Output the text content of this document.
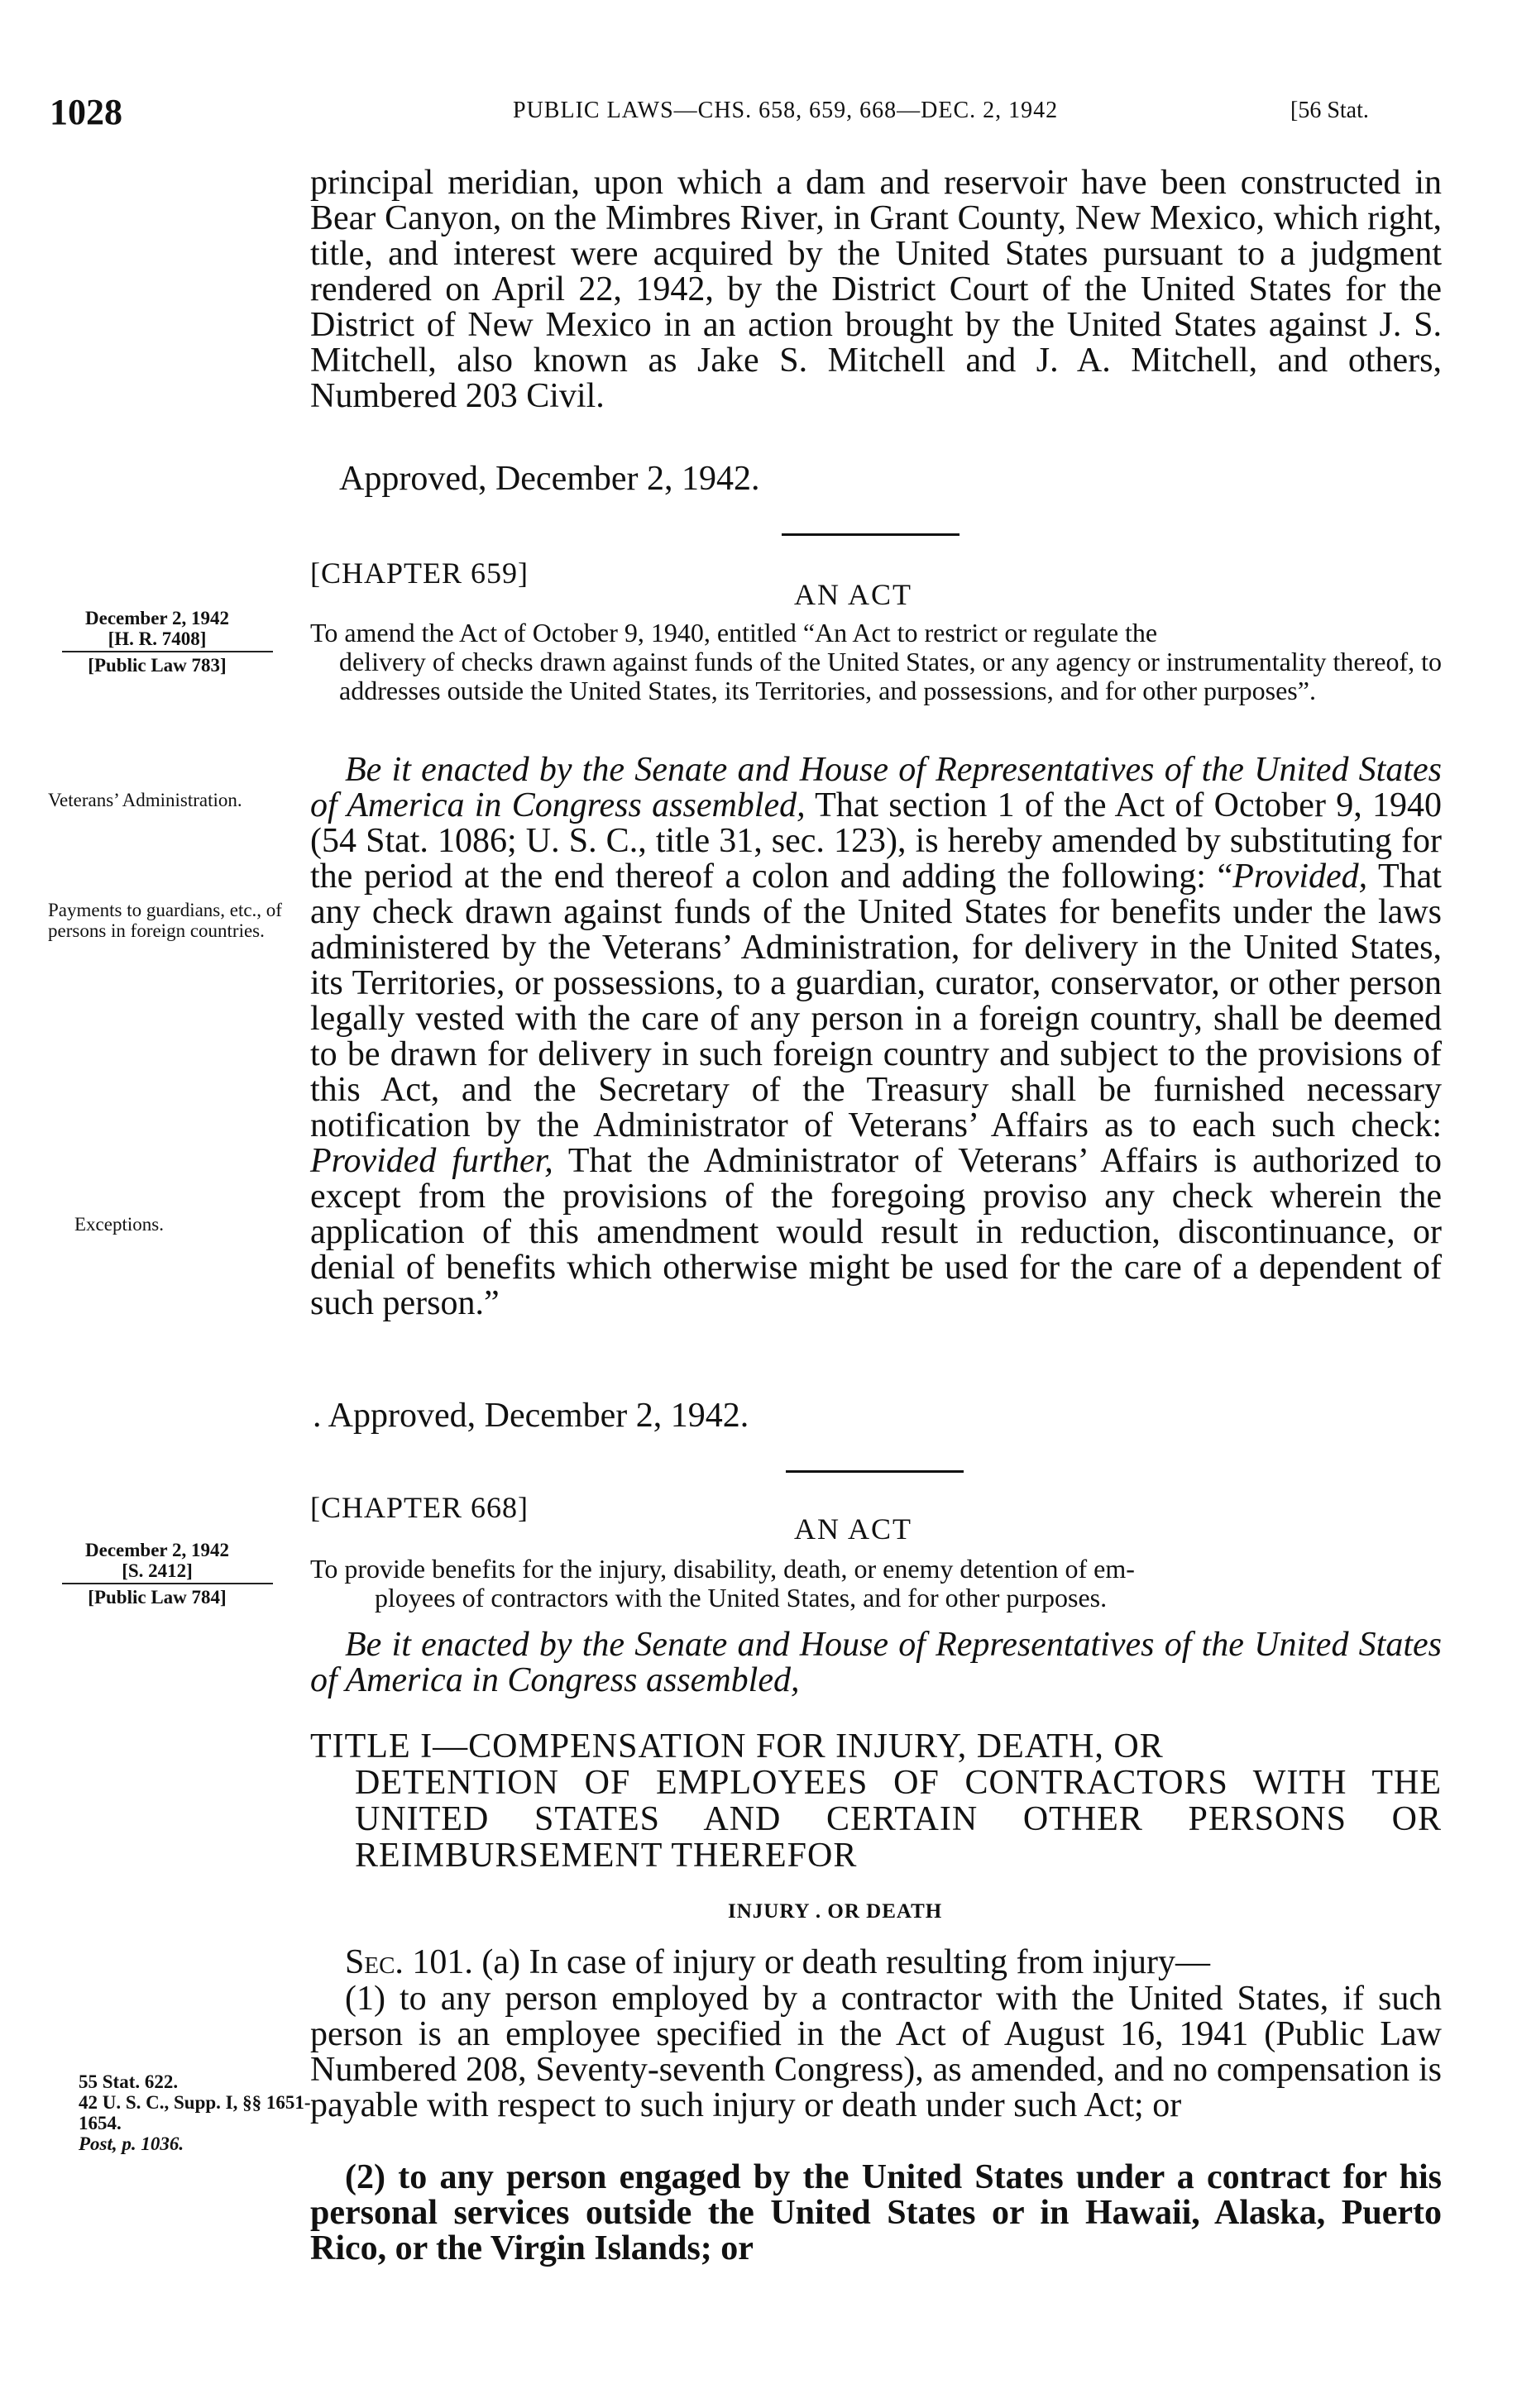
1028	PUBLIC LAWS—CHS. 658, 659, 668—DEC. 2, 1942	[56 Stat.
principal meridian, upon which a dam and reservoir have been constructed in Bear Canyon, on the Mimbres River, in Grant County, New Mexico, which right, title, and interest were acquired by the United States pursuant to a judgment rendered on April 22, 1942, by the District Court of the United States for the District of New Mexico in an action brought by the United States against J. S. Mitchell, also known as Jake S. Mitchell and J. A. Mitchell, and others, Numbered 203 Civil.
Approved, December 2, 1942.
[CHAPTER 659]
AN ACT
To amend the Act of October 9, 1940, entitled “An Act to restrict or regulate the
delivery of checks drawn against funds of the United States, or any agency or instrumentality thereof, to addresses outside the United States, its Territories, and possessions, and for other purposes”.
December 2, 1942
[H. R. 7408]
[Public Law 783]
Veterans’ Administration.
Payments to guardians, etc., of persons in foreign countries.
Exceptions.
Be it enacted by the Senate and House of Representatives of the United States of America in Congress assembled, That section 1 of the Act of October 9, 1940 (54 Stat. 1086; U. S. C., title 31, sec. 123), is hereby amended by substituting for the period at the end thereof a colon and adding the following: “Provided, That any check drawn against funds of the United States for benefits under the laws administered by the Veterans’ Administration, for delivery in the United States, its Territories, or possessions, to a guardian, curator, conservator, or other person legally vested with the care of any person in a foreign country, shall be deemed to be drawn for delivery in such foreign country and subject to the provisions of this Act, and the Secretary of the Treasury shall be furnished necessary notification by the Administrator of Veterans’ Affairs as to each such check: Provided further, That the Administrator of Veterans’ Affairs is authorized to except from the provisions of the foregoing proviso any check wherein the application of this amendment would result in reduction, discontinuance, or denial of benefits which otherwise might be used for the care of a dependent of such person.”
. Approved, December 2, 1942.
[CHAPTER 668]
AN ACT
To provide benefits for the injury, disability, death, or enemy detention of em-
ployees of contractors with the United States, and for other purposes.
December 2, 1942
[S. 2412]
[Public Law 784]
Be it enacted by the Senate and House of Representatives of the United States of America in Congress assembled,
TITLE I—COMPENSATION FOR INJURY, DEATH, OR
DETENTION OF EMPLOYEES OF CONTRACTORS WITH THE UNITED STATES AND CERTAIN OTHER PERSONS OR REIMBURSEMENT THEREFOR
INJURY . OR DEATH
Sec. 101. (a) In case of injury or death resulting from injury—
(1) to any person employed by a contractor with the United States, if such person is an employee specified in the Act of August 16, 1941 (Public Law Numbered 208, Seventy-seventh Congress), as amended, and no compensation is payable with respect to such injury or death under such Act; or
(2) to any person engaged by the United States under a contract for his personal services outside the United States or in Hawaii, Alaska, Puerto Rico, or the Virgin Islands; or
55 Stat. 622.
42 U. S. C., Supp. I, §§ 1651-1654.
Post, p. 1036.
